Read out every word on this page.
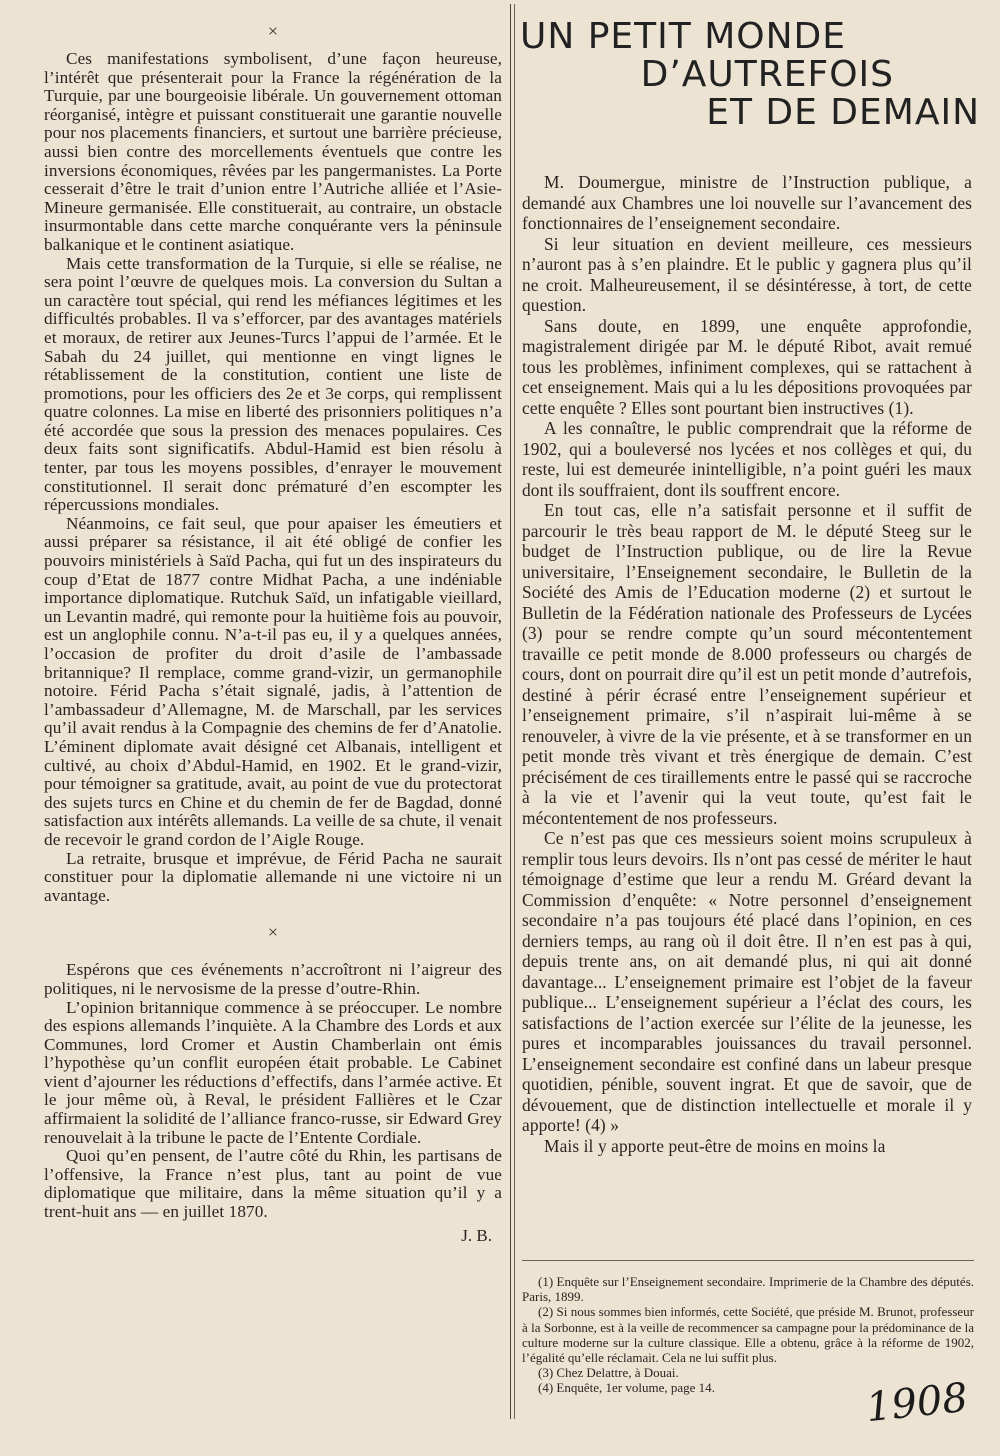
×

Ces manifestations symbolisent, d’une façon heureuse, l’intérêt que présenterait pour la France la régénération de la Turquie, par une bourgeoisie libérale. Un gouvernement ottoman réorganisé, intègre et puissant constituerait une garantie nouvelle pour nos placements financiers, et surtout une barrière précieuse, aussi bien contre des morcellements éventuels que contre les inversions économiques, rêvées par les pangermanistes. La Porte cesserait d’être le trait d’union entre l’Autriche alliée et l’Asie-Mineure germanisée. Elle constituerait, au contraire, un obstacle insurmontable dans cette marche conquérante vers la péninsule balkanique et le continent asiatique.

Mais cette transformation de la Turquie, si elle se réalise, ne sera point l’œuvre de quelques mois. La conversion du Sultan a un caractère tout spécial, qui rend les méfiances légitimes et les difficultés probables. Il va s’efforcer, par des avantages matériels et moraux, de retirer aux Jeunes-Turcs l’appui de l’armée. Et le Sabah du 24 juillet, qui mentionne en vingt lignes le rétablissement de la constitution, contient une liste de promotions, pour les officiers des 2e et 3e corps, qui remplissent quatre colonnes. La mise en liberté des prisonniers politiques n’a été accordée que sous la pression des menaces populaires. Ces deux faits sont significatifs. Abdul-Hamid est bien résolu à tenter, par tous les moyens possibles, d’enrayer le mouvement constitutionnel. Il serait donc prématuré d’en escompter les répercussions mondiales.

Néanmoins, ce fait seul, que pour apaiser les émeutiers et aussi préparer sa résistance, il ait été obligé de confier les pouvoirs ministériels à Saïd Pacha, qui fut un des inspirateurs du coup d’Etat de 1877 contre Midhat Pacha, a une indéniable importance diplomatique. Rutchuk Saïd, un infatigable vieillard, un Levantin madré, qui remonte pour la huitième fois au pouvoir, est un anglophile connu. N’a-t-il pas eu, il y a quelques années, l’occasion de profiter du droit d’asile de l’ambassade britannique? Il remplace, comme grand-vizir, un germanophile notoire. Férid Pacha s’était signalé, jadis, à l’attention de l’ambassadeur d’Allemagne, M. de Marschall, par les services qu’il avait rendus à la Compagnie des chemins de fer d’Anatolie. L’éminent diplomate avait désigné cet Albanais, intelligent et cultivé, au choix d’Abdul-Hamid, en 1902. Et le grand-vizir, pour témoigner sa gratitude, avait, au point de vue du protectorat des sujets turcs en Chine et du chemin de fer de Bagdad, donné satisfaction aux intérêts allemands. La veille de sa chute, il venait de recevoir le grand cordon de l’Aigle Rouge.

La retraite, brusque et imprévue, de Férid Pacha ne saurait constituer pour la diplomatie allemande ni une victoire ni un avantage.

×

Espérons que ces événements n’accroîtront ni l’aigreur des politiques, ni le nervosisme de la presse d’outre-Rhin.

L’opinion britannique commence à se préoccuper. Le nombre des espions allemands l’inquiète. A la Chambre des Lords et aux Communes, lord Cromer et Austin Chamberlain ont émis l’hypothèse qu’un conflit européen était probable. Le Cabinet vient d’ajourner les réductions d’effectifs, dans l’armée active. Et le jour même où, à Reval, le président Fallières et le Czar affirmaient la solidité de l’alliance franco-russe, sir Edward Grey renouvelait à la tribune le pacte de l’Entente Cordiale.

Quoi qu’en pensent, de l’autre côté du Rhin, les partisans de l’offensive, la France n’est plus, tant au point de vue diplomatique que militaire, dans la même situation qu’il y a trent-huit ans — en juillet 1870.

J. B.

UN PETIT MONDE

D’AUTREFOIS

ET DE DEMAIN

M. Doumergue, ministre de l’Instruction publique, a demandé aux Chambres une loi nouvelle sur l’avancement des fonctionnaires de l’enseignement secondaire.

Si leur situation en devient meilleure, ces messieurs n’auront pas à s’en plaindre. Et le public y gagnera plus qu’il ne croit. Malheureusement, il se désintéresse, à tort, de cette question.

Sans doute, en 1899, une enquête approfondie, magistralement dirigée par M. le député Ribot, avait remué tous les problèmes, infiniment complexes, qui se rattachent à cet enseignement. Mais qui a lu les dépositions provoquées par cette enquête ? Elles sont pourtant bien instructives (1).

A les connaître, le public comprendrait que la réforme de 1902, qui a bouleversé nos lycées et nos collèges et qui, du reste, lui est demeurée inintelligible, n’a point guéri les maux dont ils souffraient, dont ils souffrent encore.

En tout cas, elle n’a satisfait personne et il suffit de parcourir le très beau rapport de M. le député Steeg sur le budget de l’Instruction publique, ou de lire la Revue universitaire, l’Enseignement secondaire, le Bulletin de la Société des Amis de l’Education moderne (2) et surtout le Bulletin de la Fédération nationale des Professeurs de Lycées (3) pour se rendre compte qu’un sourd mécontentement travaille ce petit monde de 8.000 professeurs ou chargés de cours, dont on pourrait dire qu’il est un petit monde d’autrefois, destiné à périr écrasé entre l’enseignement supérieur et l’enseignement primaire, s’il n’aspirait lui-même à se renouveler, à vivre de la vie présente, et à se transformer en un petit monde très vivant et très énergique de demain. C’est précisément de ces tiraillements entre le passé qui se raccroche à la vie et l’avenir qui la veut toute, qu’est fait le mécontentement de nos professeurs.

Ce n’est pas que ces messieurs soient moins scrupuleux à remplir tous leurs devoirs. Ils n’ont pas cessé de mériter le haut témoignage d’estime que leur a rendu M. Gréard devant la Commission d’enquête: « Notre personnel d’enseignement secondaire n’a pas toujours été placé dans l’opinion, en ces derniers temps, au rang où il doit être. Il n’en est pas à qui, depuis trente ans, on ait demandé plus, ni qui ait donné davantage... L’enseignement primaire est l’objet de la faveur publique... L’enseignement supérieur a l’éclat des cours, les satisfactions de l’action exercée sur l’élite de la jeunesse, les pures et incomparables jouissances du travail personnel. L’enseignement secondaire est confiné dans un labeur presque quotidien, pénible, souvent ingrat. Et que de savoir, que de dévouement, que de distinction intellectuelle et morale il y apporte! (4) »

Mais il y apporte peut-être de moins en moins la

(1) Enquête sur l’Enseignement secondaire. Imprimerie de la Chambre des députés. Paris, 1899.

(2) Si nous sommes bien informés, cette Société, que préside M. Brunot, professeur à la Sorbonne, est à la veille de recommencer sa campagne pour la prédominance de la culture moderne sur la culture classique. Elle a obtenu, grâce à la réforme de 1902, l’égalité qu’elle réclamait. Cela ne lui suffit plus.

(3) Chez Delattre, à Douai.

(4) Enquête, 1er volume, page 14.	1908
